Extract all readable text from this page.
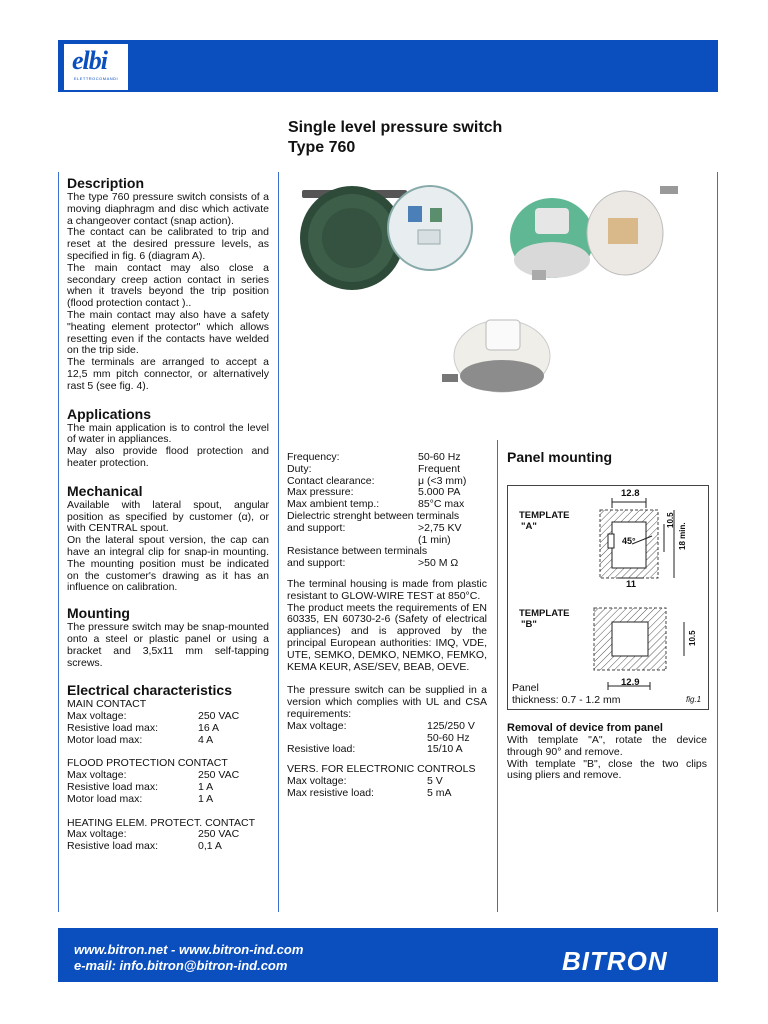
elbi
ELETTROCOMANDI
Single level pressure switch
Type 760
Description

The type 760 pressure switch consists of a moving diaphragm and disc which activate a changeover contact (snap action).

The contact can be calibrated to trip and reset at the desired pressure levels, as specified in fig. 6 (diagram A).

The main contact may also close a secondary creep action contact in series when it travels beyond the trip position (flood protection contact )..

The main contact may also have a safety "heating element protector" which allows resetting even if the contacts have welded on the trip side.

The terminals are arranged to accept a 12,5 mm pitch connector, or alternatively rast 5 (see fig. 4).

Applications

The main application is to control the level of water in appliances.

May also provide flood protection and heater protection.

Mechanical

Available with lateral spout, angular position as specified by customer (α), or with CENTRAL spout.

On the lateral spout version, the cap can have an integral clip for snap-in mounting. The mounting position must be indicated on the customer's drawing as it has an influence on calibration.

Mounting

The pressure switch may be snap-mounted onto a steel or plastic panel or using a bracket and 3,5x11 mm self-tapping screws.

Electrical characteristics
MAIN CONTACT
Max voltage:	250 VAC
Resistive load max:	16 A
Motor load max:	4 A
FLOOD PROTECTION CONTACT
Max voltage:	250 VAC
Resistive load max:	1 A
Motor load max:	1 A
HEATING ELEM. PROTECT. CONTACT
Max voltage:	250 VAC
Resistive load max:	0,1 A
Frequency:	50-60 Hz
Duty:	Frequent
Contact clearance:	μ (<3 mm)
Max pressure:	5.000 PA
Max ambient temp.:	85°C max
Dielectric strenght between terminals
and support:	>2,75 KV
(1 min)
Resistance between terminals
and support:	>50 M Ω

The terminal housing is made from plastic resistant to GLOW-WIRE TEST at 850°C.

The product meets the requirements of EN 60335, EN 60730-2-6 (Safety of electrical appliances) and is approved by the principal European authorities: IMQ, VDE, UTE, SEMKO, DEMKO, NEMKO, FEMKO, KEMA KEUR, ASE/SEV, BEAB, OEVE.

The pressure switch can be supplied in a version which complies with UL and CSA requirements:

Max voltage:	125/250 V
50-60 Hz
Resistive load:	15/10 A
VERS. FOR ELECTRONIC CONTROLS
Max voltage:	5 V
Max resistive load:	5 mA
Panel mounting
TEMPLATE
"A"
12.8
45°
10.5
18 min.
11
TEMPLATE
"B"
10.5
12.9
Panel
thickness: 0.7 - 1.2 mm	fig.1
Removal of device from panel

With template "A", rotate the device through 90° and remove.

With template "B", close the two clips using pliers and remove.

www.bitron.net - www.bitron-ind.com
e-mail: info.bitron@bitron-ind.com	BITRON
